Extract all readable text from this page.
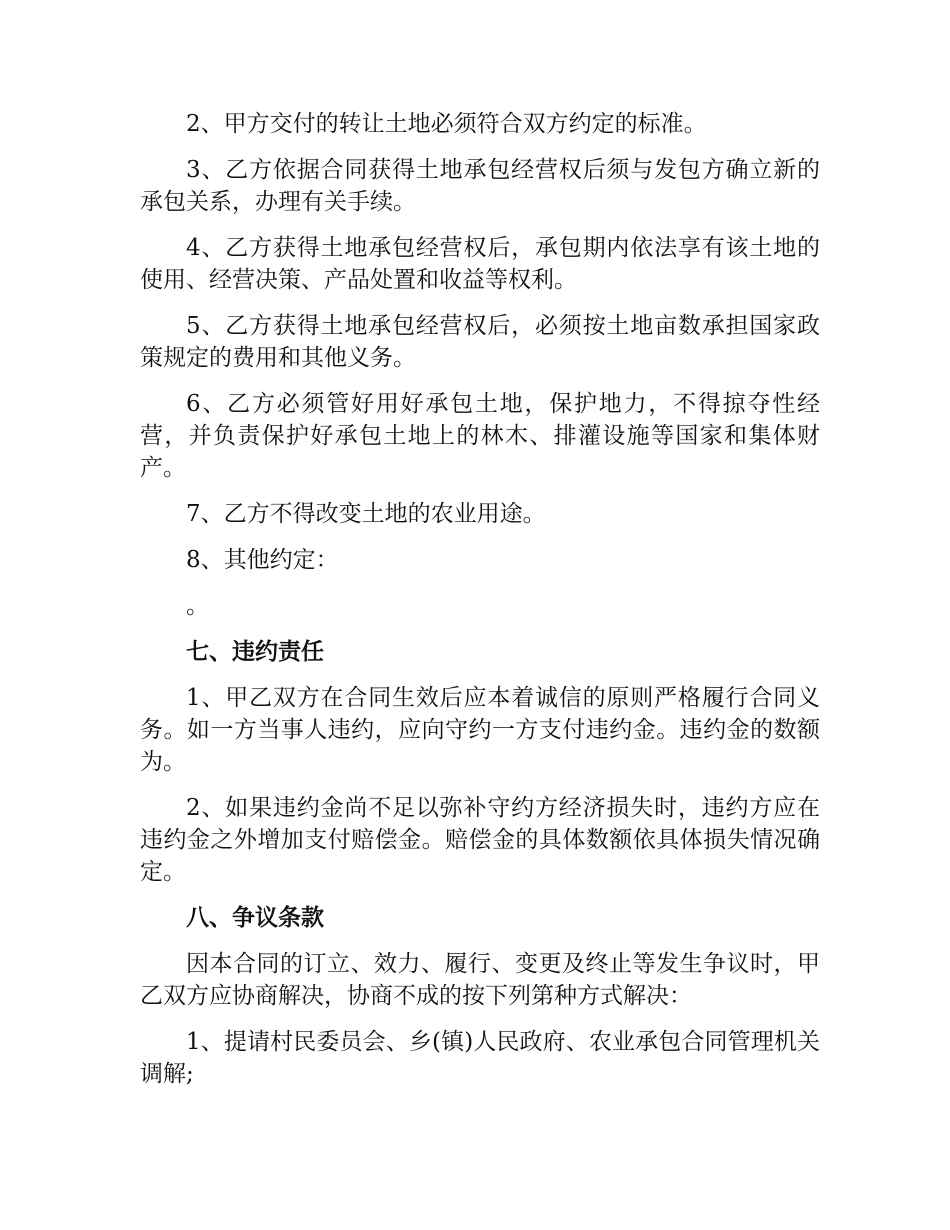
2、甲方交付的转让土地必须符合双方约定的标准。

3、乙方依据合同获得土地承包经营权后须与发包方确立新的承包关系，办理有关手续。

4、乙方获得土地承包经营权后，承包期内依法享有该土地的使用、经营决策、产品处置和收益等权利。

5、乙方获得土地承包经营权后，必须按土地亩数承担国家政策规定的费用和其他义务。

6、乙方必须管好用好承包土地，保护地力，不得掠夺性经营，并负责保护好承包土地上的林木、排灌设施等国家和集体财产。

7、乙方不得改变土地的农业用途。

8、其他约定：

。

七、违约责任

1、甲乙双方在合同生效后应本着诚信的原则严格履行合同义务。如一方当事人违约，应向守约一方支付违约金。违约金的数额为。

2、如果违约金尚不足以弥补守约方经济损失时，违约方应在违约金之外增加支付赔偿金。赔偿金的具体数额依具体损失情况确定。

八、争议条款

因本合同的订立、效力、履行、变更及终止等发生争议时，甲乙双方应协商解决，协商不成的按下列第种方式解决：

1、提请村民委员会、乡(镇)人民政府、农业承包合同管理机关调解;
